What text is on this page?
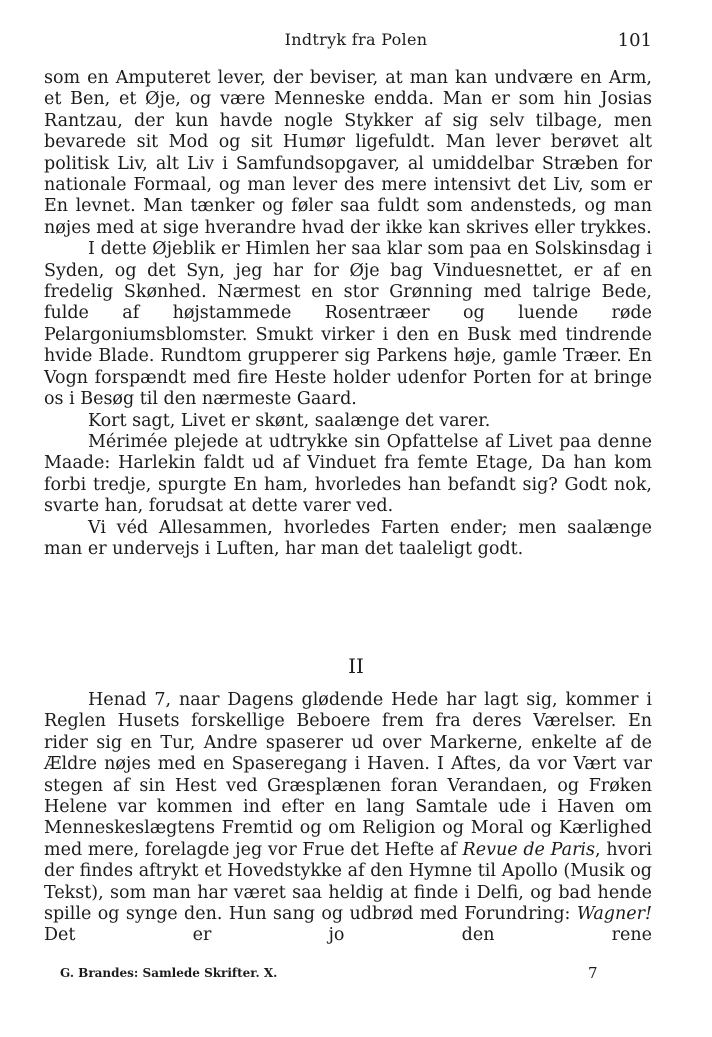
Indtryk fra Polen	101

som en Amputeret lever, der beviser, at man kan undvære en Arm, et Ben, et Øje, og være Menneske endda. Man er som hin Josias Rantzau, der kun havde nogle Stykker af sig selv tilbage, men bevarede sit Mod og sit Humør ligefuldt. Man lever berøvet alt politisk Liv, alt Liv i Samfundsopgaver, al umiddelbar Stræben for nationale Formaal, og man lever des mere intensivt det Liv, som er En levnet. Man tænker og føler saa fuldt som andensteds, og man nøjes med at sige hverandre hvad der ikke kan skrives eller trykkes.

I dette Øjeblik er Himlen her saa klar som paa en Solskinsdag i Syden, og det Syn, jeg har for Øje bag Vinduesnettet, er af en fredelig Skønhed. Nærmest en stor Grønning med talrige Bede, fulde af højstammede Rosentræer og luende røde Pelargoniumsblomster. Smukt virker i den en Busk med tindrende hvide Blade. Rundtom grupperer sig Parkens høje, gamle Træer. En Vogn forspændt med fire Heste holder udenfor Porten for at bringe os i Besøg til den nærmeste Gaard.

Kort sagt, Livet er skønt, saalænge det varer.

Mérimée plejede at udtrykke sin Opfattelse af Livet paa denne Maade: Harlekin faldt ud af Vinduet fra femte Etage, Da han kom forbi tredje, spurgte En ham, hvorledes han befandt sig? Godt nok, svarte han, forudsat at dette varer ved.

Vi véd Allesammen, hvorledes Farten ender; men saalænge man er undervejs i Luften, har man det taaleligt godt.

II

Henad 7, naar Dagens glødende Hede har lagt sig, kommer i Reglen Husets forskellige Beboere frem fra deres Værelser. En rider sig en Tur, Andre spaserer ud over Markerne, enkelte af de Ældre nøjes med en Spaseregang i Haven. I Aftes, da vor Vært var stegen af sin Hest ved Græsplænen foran Verandaen, og Frøken Helene var kommen ind efter en lang Samtale ude i Haven om Menneskeslægtens Fremtid og om Religion og Moral og Kærlighed med mere, forelagde jeg vor Frue det Hefte af Revue de Paris, hvori der findes aftrykt et Hovedstykke af den Hymne til Apollo (Musik og Tekst), som man har været saa heldig at finde i Delfi, og bad hende spille og synge den. Hun sang og udbrød med Forundring: Wagner! Det er jo den rene

G. Brandes: Samlede Skrifter. X.	7
